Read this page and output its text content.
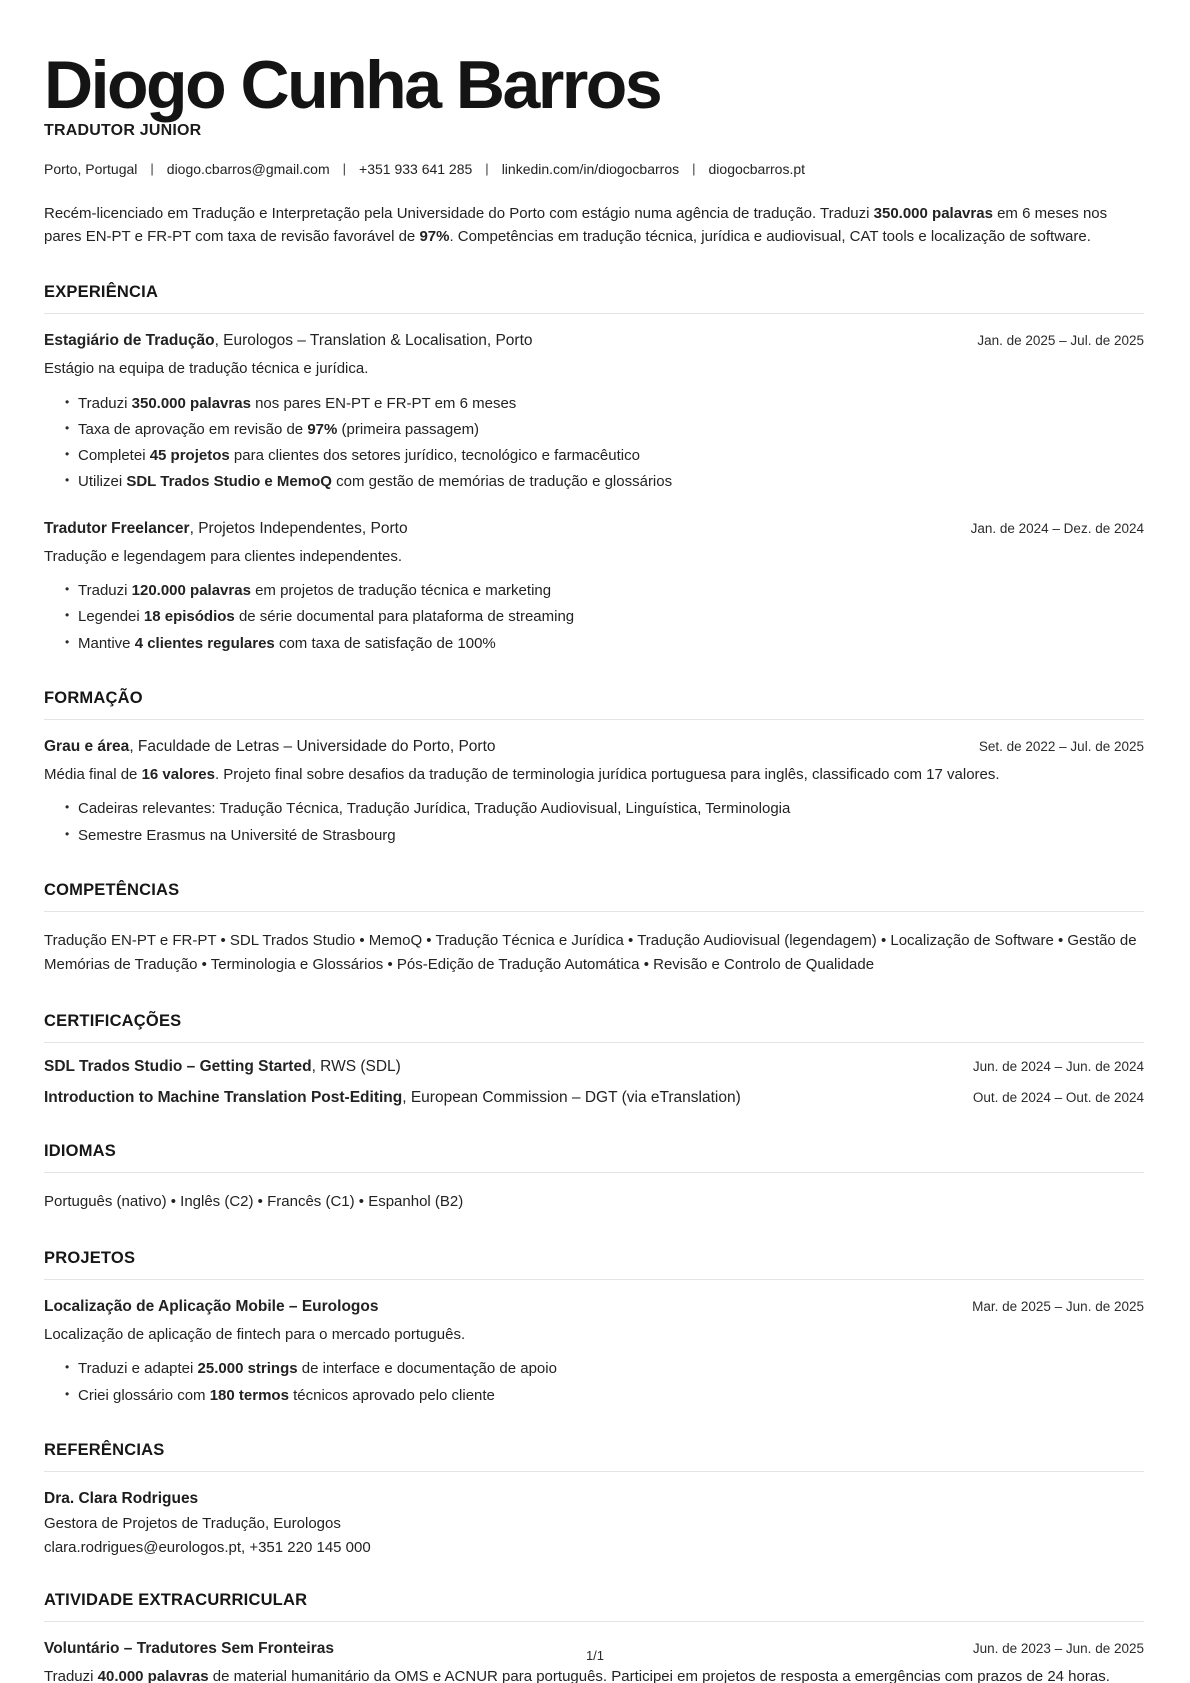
Diogo Cunha Barros
TRADUTOR JUNIOR
Porto, Portugal | diogo.cbarros@gmail.com | +351 933 641 285 | linkedin.com/in/diogocbarros | diogocbarros.pt

Recém-licenciado em Tradução e Interpretação pela Universidade do Porto com estágio numa agência de tradução. Traduzi 350.000 palavras em 6 meses nos pares EN-PT e FR-PT com taxa de revisão favorável de 97%. Competências em tradução técnica, jurídica e audiovisual, CAT tools e localização de software.

EXPERIÊNCIA
Estagiário de Tradução, Eurologos – Translation & Localisation, Porto	Jan. de 2025 – Jul. de 2025
Estágio na equipa de tradução técnica e jurídica.
• Traduzi 350.000 palavras nos pares EN-PT e FR-PT em 6 meses
• Taxa de aprovação em revisão de 97% (primeira passagem)
• Completei 45 projetos para clientes dos setores jurídico, tecnológico e farmacêutico
• Utilizei SDL Trados Studio e MemoQ com gestão de memórias de tradução e glossários
Tradutor Freelancer, Projetos Independentes, Porto	Jan. de 2024 – Dez. de 2024
Tradução e legendagem para clientes independentes.
• Traduzi 120.000 palavras em projetos de tradução técnica e marketing
• Legendei 18 episódios de série documental para plataforma de streaming
• Mantive 4 clientes regulares com taxa de satisfação de 100%
FORMAÇÃO
Grau e área, Faculdade de Letras – Universidade do Porto, Porto	Set. de 2022 – Jul. de 2025
Média final de 16 valores. Projeto final sobre desafios da tradução de terminologia jurídica portuguesa para inglês, classificado com 17 valores.
• Cadeiras relevantes: Tradução Técnica, Tradução Jurídica, Tradução Audiovisual, Linguística, Terminologia
• Semestre Erasmus na Université de Strasbourg
COMPETÊNCIAS

Tradução EN-PT e FR-PT • SDL Trados Studio • MemoQ • Tradução Técnica e Jurídica • Tradução Audiovisual (legendagem) • Localização de Software • Gestão de Memórias de Tradução • Terminologia e Glossários • Pós-Edição de Tradução Automática • Revisão e Controlo de Qualidade

CERTIFICAÇÕES
SDL Trados Studio – Getting Started, RWS (SDL)	Jun. de 2024 – Jun. de 2024
Introduction to Machine Translation Post-Editing, European Commission – DGT (via eTranslation)	Out. de 2024 – Out. de 2024
IDIOMAS

Português (nativo) • Inglês (C2) • Francês (C1) • Espanhol (B2)

PROJETOS
Localização de Aplicação Mobile – Eurologos	Mar. de 2025 – Jun. de 2025
Localização de aplicação de fintech para o mercado português.
• Traduzi e adaptei 25.000 strings de interface e documentação de apoio
• Criei glossário com 180 termos técnicos aprovado pelo cliente
REFERÊNCIAS
Dra. Clara Rodrigues
Gestora de Projetos de Tradução, Eurologos
clara.rodrigues@eurologos.pt, +351 220 145 000
ATIVIDADE EXTRACURRICULAR
Voluntário – Tradutores Sem Fronteiras	Jun. de 2023 – Jun. de 2025
Traduzi 40.000 palavras de material humanitário da OMS e ACNUR para português. Participei em projetos de resposta a emergências com prazos de 24 horas.
1/1
